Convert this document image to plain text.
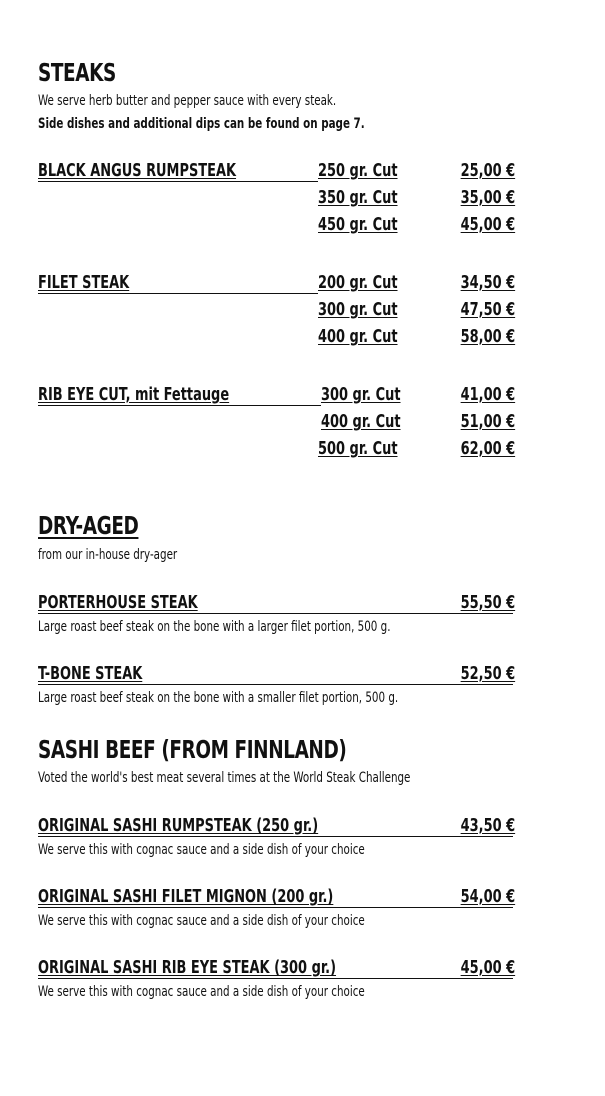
STEAKS
We serve herb butter and pepper sauce with every steak.
Side dishes and additional dips can be found on page 7.
BLACK ANGUS RUMPSTEAK	250 gr. Cut	25,00 €
350 gr. Cut	35,00 €
450 gr. Cut	45,00 €
FILET STEAK	200 gr. Cut	34,50 €
300 gr. Cut	47,50 €
400 gr. Cut	58,00 €
RIB EYE CUT, mit Fettauge	300 gr. Cut	41,00 €
400 gr. Cut	51,00 €
500 gr. Cut	62,00 €
DRY-AGED
from our in-house dry-ager
PORTERHOUSE STEAK	55,50 €
Large roast beef steak on the bone with a larger filet portion, 500 g.
T-BONE STEAK	52,50 €
Large roast beef steak on the bone with a smaller filet portion, 500 g.
SASHI BEEF (FROM FINNLAND)
Voted the world's best meat several times at the World Steak Challenge
ORIGINAL SASHI RUMPSTEAK (250 gr.)	43,50 €
We serve this with cognac sauce and a side dish of your choice
ORIGINAL SASHI FILET MIGNON (200 gr.)	54,00 €
We serve this with cognac sauce and a side dish of your choice
ORIGINAL SASHI RIB EYE STEAK (300 gr.)	45,00 €
We serve this with cognac sauce and a side dish of your choice
